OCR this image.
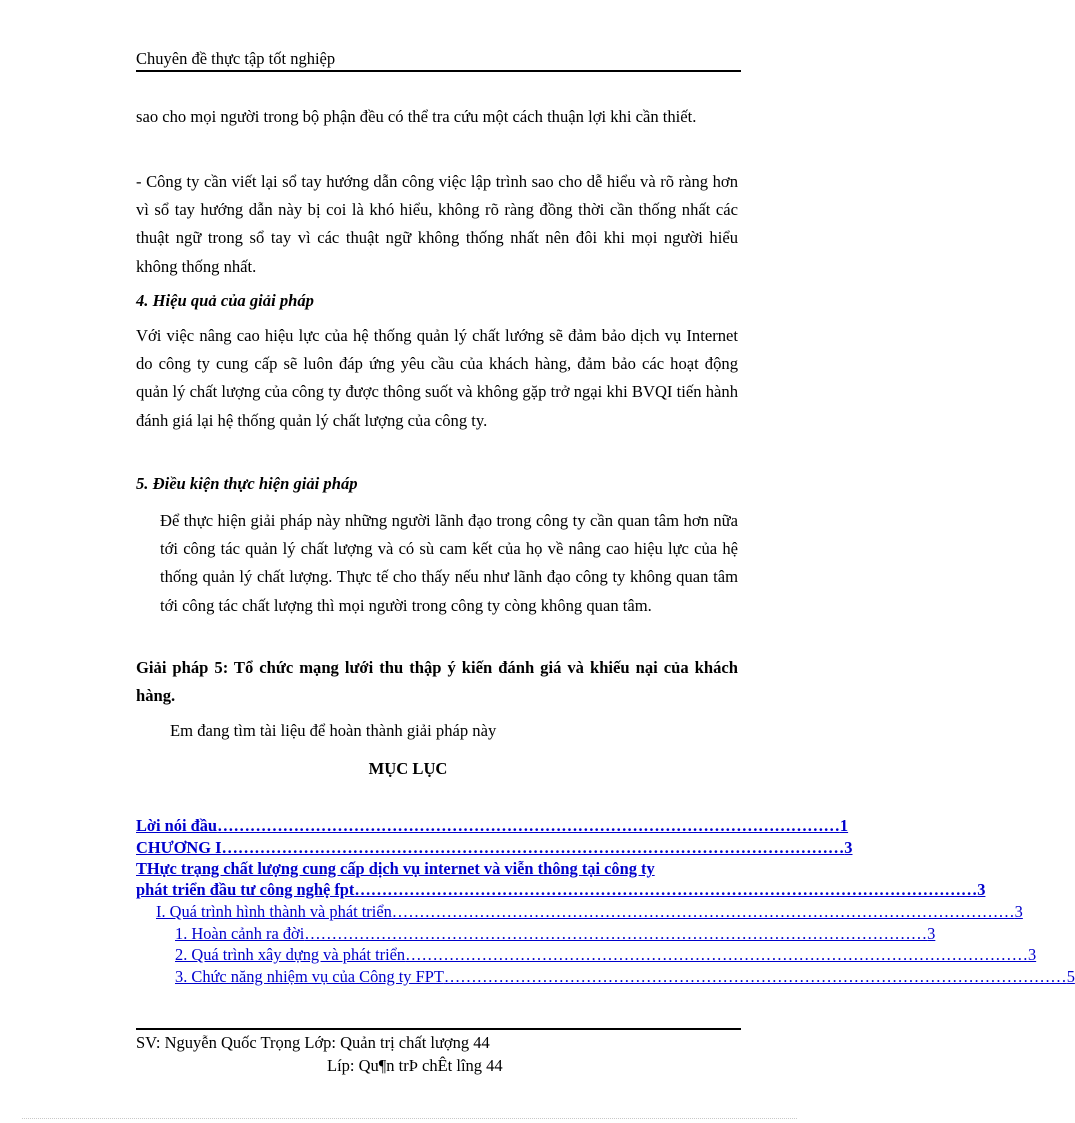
Chuyên đề thực tập tốt nghiệp
sao cho mọi người trong bộ phận đều có thể tra cứu một cách thuận lợi khi cần thiết.
- Công ty cần viết lại sổ tay hướng dẫn công việc lập trình sao cho dễ hiểu và rõ ràng hơn vì sổ tay hướng dẫn này bị coi là khó hiểu, không rõ ràng đồng thời cần thống nhất các thuật ngữ trong sổ tay vì các thuật ngữ không thống nhất nên đôi khi mọi người hiểu không thống nhất.
4. Hiệu quả của giải pháp
Với việc nâng cao hiệu lực của hệ thống quản lý chất lướng sẽ đảm bảo dịch vụ Internet do công ty cung cấp sẽ luôn đáp ứng yêu cầu của khách hàng, đảm bảo các hoạt động quản lý chất lượng của công ty được thông suốt và không gặp trở ngại khi BVQI tiến hành đánh giá lại hệ thống quản lý chất lượng của công ty.
5. Điều kiện thực hiện giải pháp
Để thực hiện giải pháp này những người lãnh đạo trong công ty cần quan tâm hơn nữa tới công tác quản lý chất lượng và có sù cam kết của họ về nâng cao hiệu lực của hệ thống quản lý chất lượng. Thực tế cho thấy nếu như lãnh đạo công ty không quan tâm tới công tác chất lượng thì mọi người trong công ty còng không quan tâm.
Giải pháp 5: Tổ chức mạng lưới thu thập ý kiến đánh giá và khiếu nại của khách hàng.
Em đang tìm tài liệu để hoàn thành giải pháp này
MỤC LỤC
Lời nói đầu …………………………………………………………………………………………………… 1
CHƯƠNG I …………………………………………………………………………………………………… 3
THực trạng chất lượng cung cấp dịch vụ internet và viễn thông tại công ty
phát triển đầu tư công nghệ fpt …………………………………………………………………………………………………… 3
I. Quá trình hình thành và phát triển …………………………………………………………………………………………………… 3
1. Hoàn cảnh ra đời …………………………………………………………………………………………………… 3
2. Quá trình xây dựng và phát triển …………………………………………………………………………………………………… 3
3. Chức năng nhiệm vụ của Công ty FPT …………………………………………………………………………………………………… 5
SV: Nguyễn Quốc Trọng Lớp: Quản trị chất lượng 44
Líp: Qu¶n trÞ chÊt lîng 44
